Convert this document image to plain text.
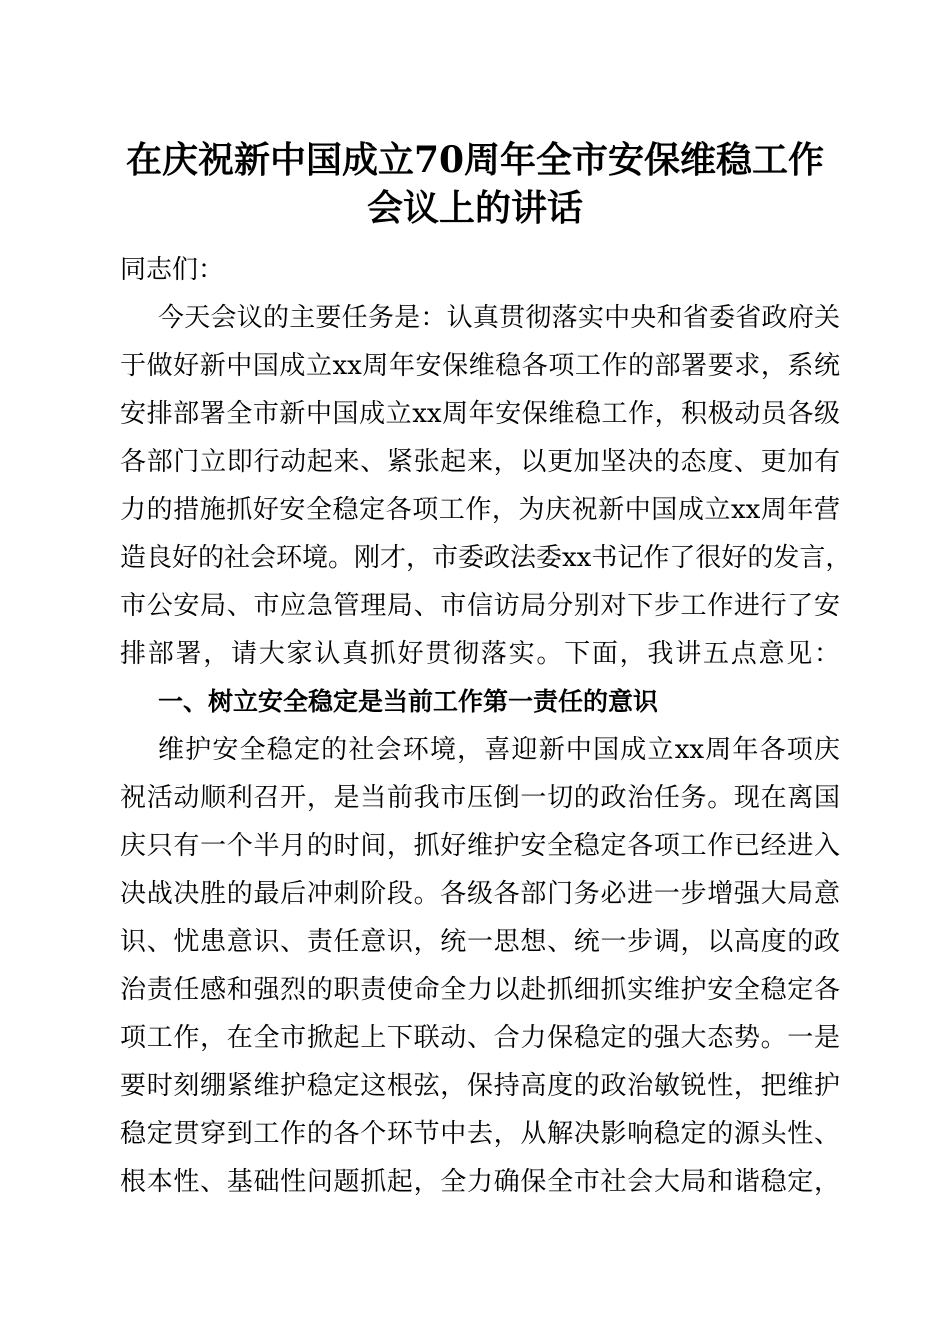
在庆祝新中国成立70周年全市安保维稳工作
会议上的讲话
同志们：
今天会议的主要任务是：认真贯彻落实中央和省委省政府关
于做好新中国成立xx周年安保维稳各项工作的部署要求，系统
安排部署全市新中国成立xx周年安保维稳工作，积极动员各级
各部门立即行动起来、紧张起来，以更加坚决的态度、更加有
力的措施抓好安全稳定各项工作，为庆祝新中国成立xx周年营
造良好的社会环境。刚才，市委政法委xx书记作了很好的发言，
市公安局、市应急管理局、市信访局分别对下步工作进行了安
排部署，请大家认真抓好贯彻落实。下面，我讲五点意见：
一、树立安全稳定是当前工作第一责任的意识
维护安全稳定的社会环境，喜迎新中国成立xx周年各项庆
祝活动顺利召开，是当前我市压倒一切的政治任务。现在离国
庆只有一个半月的时间，抓好维护安全稳定各项工作已经进入
决战决胜的最后冲刺阶段。各级各部门务必进一步增强大局意
识、忧患意识、责任意识，统一思想、统一步调，以高度的政
治责任感和强烈的职责使命全力以赴抓细抓实维护安全稳定各
项工作，在全市掀起上下联动、合力保稳定的强大态势。一是
要时刻绷紧维护稳定这根弦，保持高度的政治敏锐性，把维护
稳定贯穿到工作的各个环节中去，从解决影响稳定的源头性、
根本性、基础性问题抓起，全力确保全市社会大局和谐稳定，
